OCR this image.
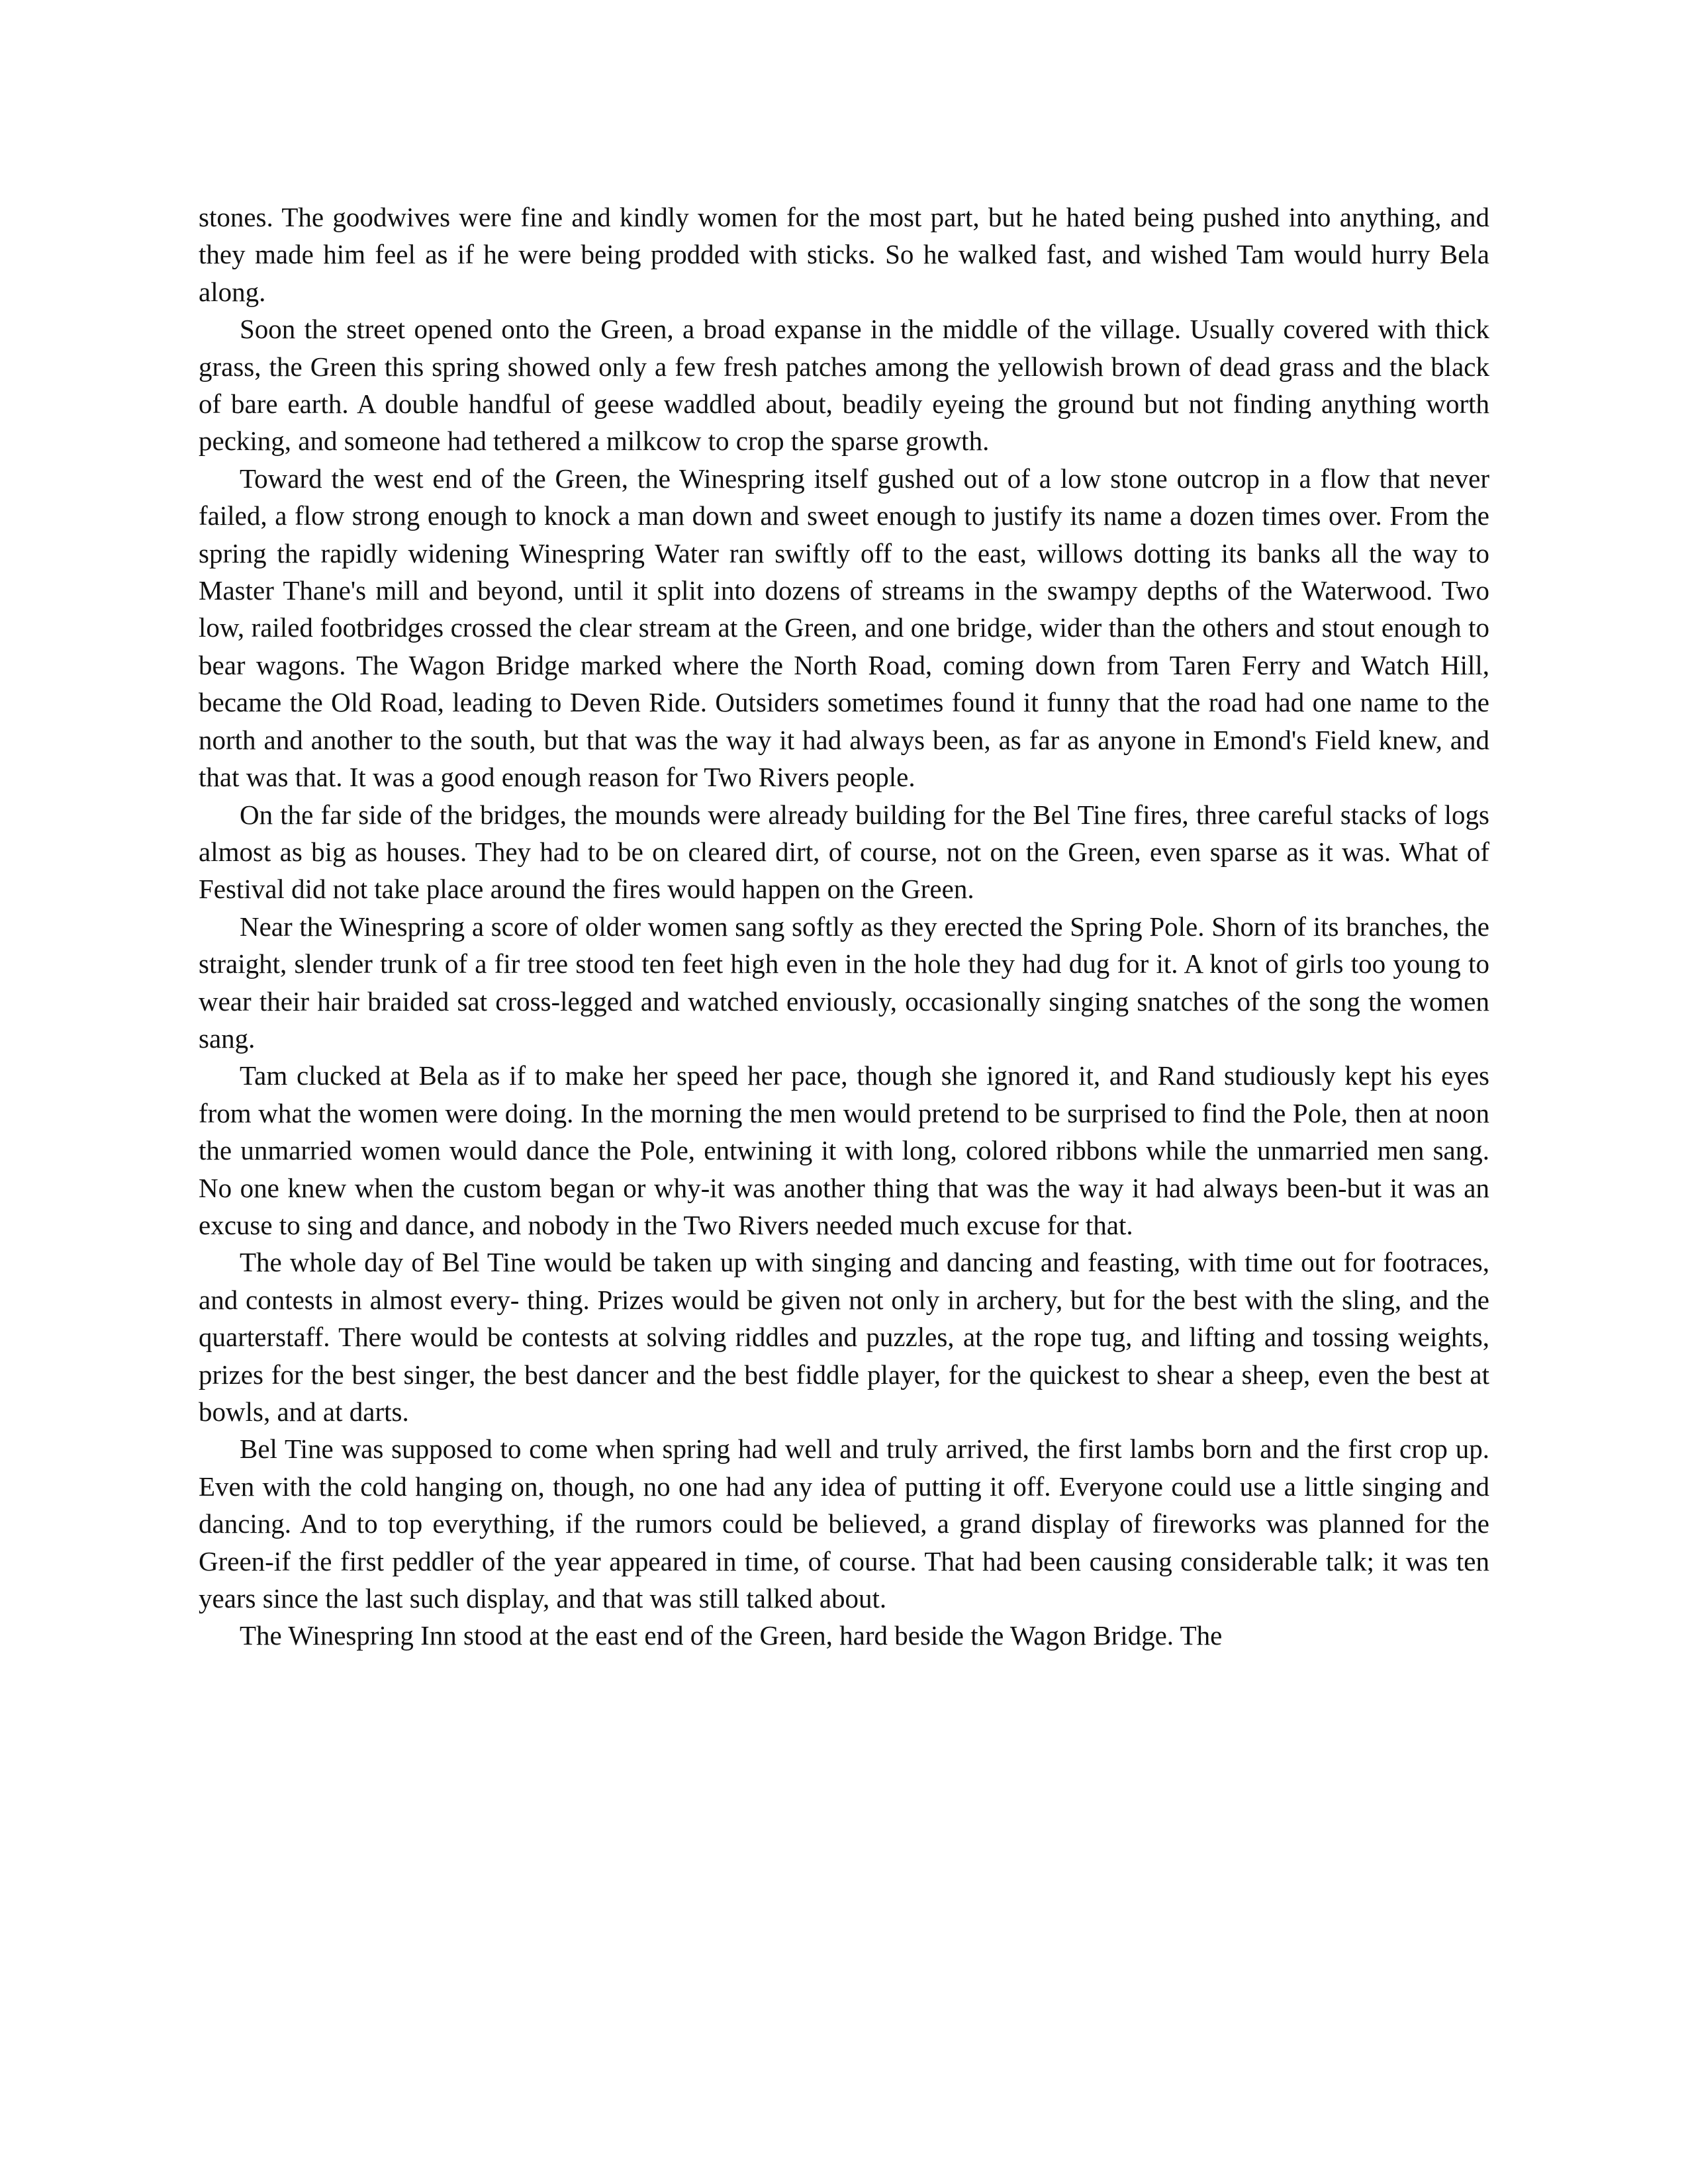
stones. The goodwives were fine and kindly women for the most part, but he hated being pushed into anything, and they made him feel as if he were being prodded with sticks. So he walked fast, and wished Tam would hurry Bela along.

Soon the street opened onto the Green, a broad expanse in the middle of the village. Usually covered with thick grass, the Green this spring showed only a few fresh patches among the yellowish brown of dead grass and the black of bare earth. A double handful of geese waddled about, beadily eyeing the ground but not finding anything worth pecking, and someone had tethered a milkcow to crop the sparse growth.

Toward the west end of the Green, the Winespring itself gushed out of a low stone outcrop in a flow that never failed, a flow strong enough to knock a man down and sweet enough to justify its name a dozen times over. From the spring the rapidly widening Winespring Water ran swiftly off to the east, willows dotting its banks all the way to Master Thane's mill and beyond, until it split into dozens of streams in the swampy depths of the Waterwood. Two low, railed footbridges crossed the clear stream at the Green, and one bridge, wider than the others and stout enough to bear wagons. The Wagon Bridge marked where the North Road, coming down from Taren Ferry and Watch Hill, became the Old Road, leading to Deven Ride. Outsiders sometimes found it funny that the road had one name to the north and another to the south, but that was the way it had always been, as far as anyone in Emond's Field knew, and that was that. It was a good enough reason for Two Rivers people.

On the far side of the bridges, the mounds were already building for the Bel Tine fires, three careful stacks of logs almost as big as houses. They had to be on cleared dirt, of course, not on the Green, even sparse as it was. What of Festival did not take place around the fires would happen on the Green.

Near the Winespring a score of older women sang softly as they erected the Spring Pole. Shorn of its branches, the straight, slender trunk of a fir tree stood ten feet high even in the hole they had dug for it. A knot of girls too young to wear their hair braided sat cross-legged and watched enviously, occasionally singing snatches of the song the women sang.

Tam clucked at Bela as if to make her speed her pace, though she ignored it, and Rand studiously kept his eyes from what the women were doing. In the morning the men would pretend to be surprised to find the Pole, then at noon the unmarried women would dance the Pole, entwining it with long, colored ribbons while the unmarried men sang. No one knew when the custom began or why-it was another thing that was the way it had always been-but it was an excuse to sing and dance, and nobody in the Two Rivers needed much excuse for that.

The whole day of Bel Tine would be taken up with singing and dancing and feasting, with time out for footraces, and contests in almost every- thing. Prizes would be given not only in archery, but for the best with the sling, and the quarterstaff. There would be contests at solving riddles and puzzles, at the rope tug, and lifting and tossing weights, prizes for the best singer, the best dancer and the best fiddle player, for the quickest to shear a sheep, even the best at bowls, and at darts.

Bel Tine was supposed to come when spring had well and truly arrived, the first lambs born and the first crop up. Even with the cold hanging on, though, no one had any idea of putting it off. Everyone could use a little singing and dancing. And to top everything, if the rumors could be believed, a grand display of fireworks was planned for the Green-if the first peddler of the year appeared in time, of course. That had been causing considerable talk; it was ten years since the last such display, and that was still talked about.

The Winespring Inn stood at the east end of the Green, hard beside the Wagon Bridge. The
